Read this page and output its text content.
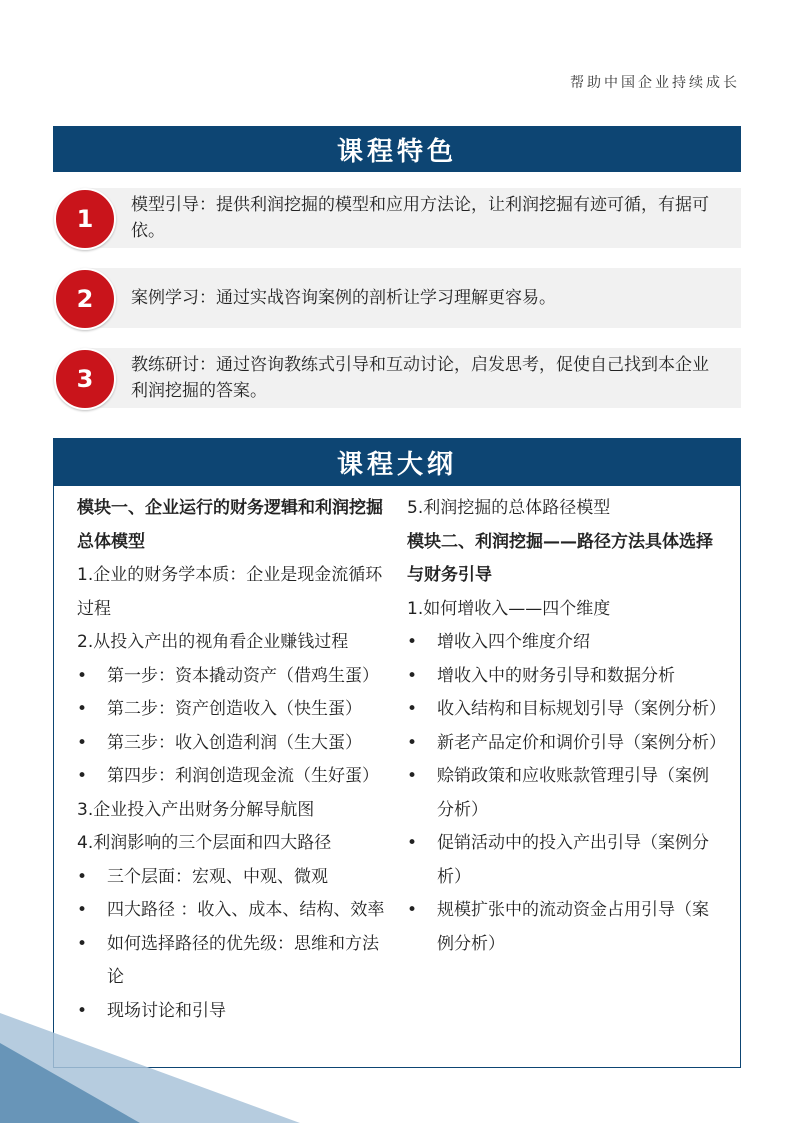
帮助中国企业持续成长
课程特色
1	模型引导：提供利润挖掘的模型和应用方法论，让利润挖掘有迹可循，有据可依。
2	案例学习：通过实战咨询案例的剖析让学习理解更容易。
3	教练研讨：通过咨询教练式引导和互动讨论，启发思考，促使自己找到本企业利润挖掘的答案。
课程大纲

模块一、企业运行的财务逻辑和利润挖掘总体模型

1.企业的财务学本质：企业是现金流循环过程

2.从投入产出的视角看企业赚钱过程

• 第一步：资本撬动资产（借鸡生蛋）
• 第二步：资产创造收入（快生蛋）
• 第三步：收入创造利润（生大蛋）
• 第四步：利润创造现金流（生好蛋）

3.企业投入产出财务分解导航图

4.利润影响的三个层面和四大路径

• 三个层面：宏观、中观、微观
• 四大路径 ：收入、成本、结构、效率
• 如何选择路径的优先级：思维和方法论
• 现场讨论和引导

5.利润挖掘的总体路径模型

模块二、利润挖掘——路径方法具体选择与财务引导

1.如何增收入——四个维度

• 增收入四个维度介绍
• 增收入中的财务引导和数据分析
• 收入结构和目标规划引导（案例分析）
• 新老产品定价和调价引导（案例分析）
• 赊销政策和应收账款管理引导（案例分析）
• 促销活动中的投入产出引导（案例分析）
• 规模扩张中的流动资金占用引导（案例分析）
